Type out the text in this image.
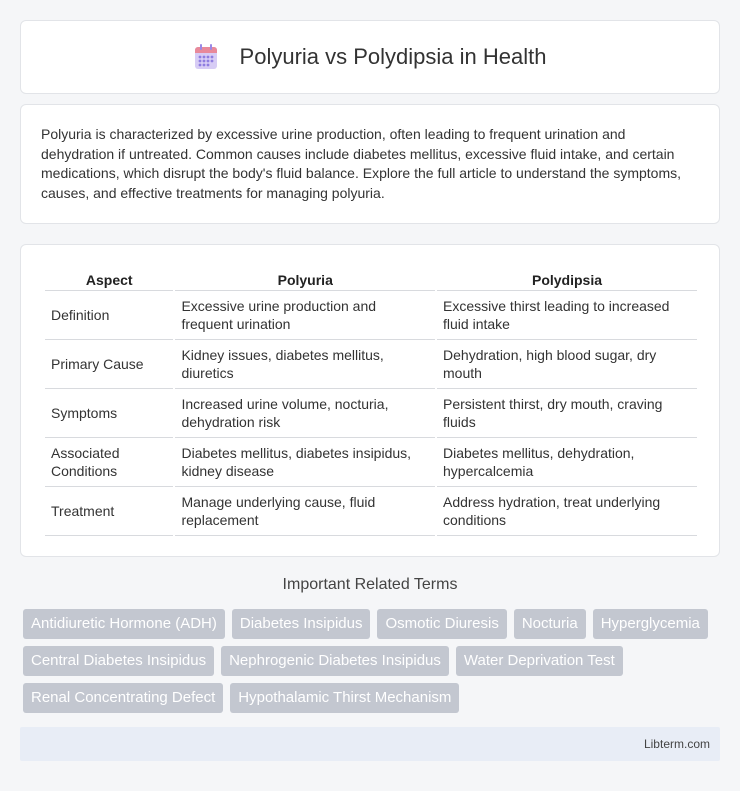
Polyuria vs Polydipsia in Health

Polyuria is characterized by excessive urine production, often leading to frequent urination and dehydration if untreated. Common causes include diabetes mellitus, excessive fluid intake, and certain medications, which disrupt the body's fluid balance. Explore the full article to understand the symptoms, causes, and effective treatments for managing polyuria.

Aspect	Polyuria	Polydipsia
Definition	Excessive urine production and frequent urination	Excessive thirst leading to increased fluid intake
Primary Cause	Kidney issues, diabetes mellitus, diuretics	Dehydration, high blood sugar, dry mouth
Symptoms	Increased urine volume, nocturia, dehydration risk	Persistent thirst, dry mouth, craving fluids
Associated Conditions	Diabetes mellitus, diabetes insipidus, kidney disease	Diabetes mellitus, dehydration, hypercalcemia
Treatment	Manage underlying cause, fluid replacement	Address hydration, treat underlying conditions
Important Related Terms
Antidiuretic Hormone (ADH)	Diabetes Insipidus	Osmotic Diuresis	Nocturia	Hyperglycemia
Central Diabetes Insipidus	Nephrogenic Diabetes Insipidus	Water Deprivation Test
Renal Concentrating Defect	Hypothalamic Thirst Mechanism
Libterm.com
